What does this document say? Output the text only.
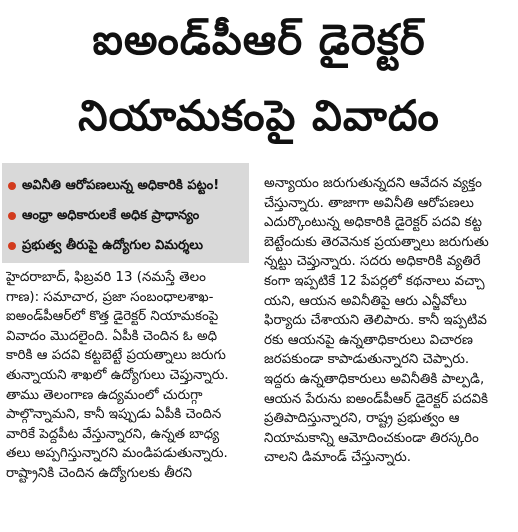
ఐఅండ్‌పీఆర్ డైరెక్టర్
నియామకంపై వివాదం
అవినీతి ఆరోపణలున్న అధికారికి పట్టం!
ఆంధ్రా అధికారులకే అధిక ప్రాధాన్యం
ప్రభుత్వ తీరుపై ఉద్యోగుల విమర్శలు
హైదరాబాద్, ఫిబ్రవరి 13 (నమస్తే తెలం
గాణ): సమాచార, ప్రజా సంబంధాలశాఖ-
ఐఅండ్‌పీఆర్‌లో కొత్త డైరెక్టర్ నియామకంపై
వివాదం మొదలైంది. ఏపీకి చెందిన ఓ అధి
కారికి ఆ పదవి కట్టబెట్టే ప్రయత్నాలు జరుగు
తున్నాయని శాఖలో ఉద్యోగులు చెప్తున్నారు.
తాము తెలంగాణ ఉద్యమంలో చురుగ్గా
పాల్గొన్నామని, కానీ ఇప్పుడు ఏపీకి చెందిన
వారికే పెద్దపీట వేస్తున్నారని, ఉన్నత బాధ్య
తలు అప్పగిస్తున్నారని మండిపడుతున్నారు.
రాష్ట్రానికి చెందిన ఉద్యోగులకు తీరని
అన్యాయం జరుగుతున్నదని ఆవేదన వ్యక్తం
చేస్తున్నారు. తాజాగా అవినీతి ఆరోపణలు
ఎదుర్కొంటున్న అధికారికి డైరెక్టర్ పదవి కట్ట
బెట్టేందుకు తెరవెనుక ప్రయత్నాలు జరుగుతు
న్నట్టు చెప్తున్నారు. సదరు అధికారికి వ్యతిరే
కంగా ఇప్పటికే 12 పేపర్లలో కథనాలు వచ్చా
యని, ఆయన అవినీతిపై ఆరు ఎన్జీవోలు
ఫిర్యాదు చేశాయని తెలిపారు. కానీ ఇప్పటివ
రకు ఆయనపై ఉన్నతాధికారులు విచారణ
జరపకుండా కాపాడుతున్నారని చెప్పారు.
ఇద్దరు ఉన్నతాధికారులు అవినీతికి పాల్పడి,
ఆయన పేరును ఐఅండ్‌పీఆర్ డైరెక్టర్ పదవికి
ప్రతిపాదిస్తున్నారని, రాష్ట్ర ప్రభుత్వం ఆ
నియామకాన్ని ఆమోదించకుండా తిరస్కరిం
చాలని డిమాండ్ చేస్తున్నారు.
